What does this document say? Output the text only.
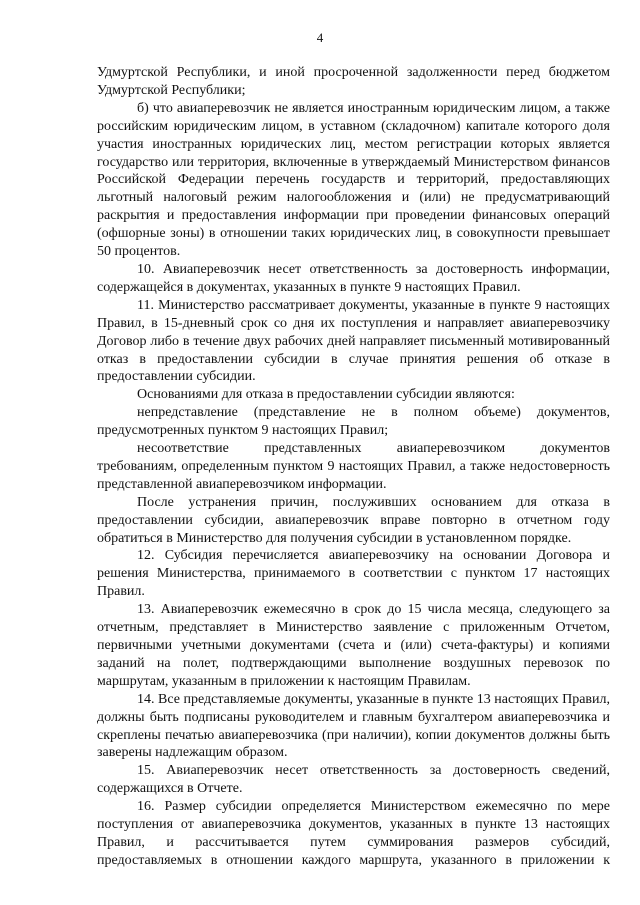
4

Удмуртской Республики, и иной просроченной задолженности перед бюджетом Удмуртской Республики;

б) что авиаперевозчик не является иностранным юридическим лицом, а также российским юридическим лицом, в уставном (складочном) капитале которого доля участия иностранных юридических лиц, местом регистрации которых является государство или территория, включенные в утверждаемый Министерством финансов Российской Федерации перечень государств и территорий, предоставляющих льготный налоговый режим налогообложения и (или) не предусматривающий раскрытия и предоставления информации при проведении финансовых операций (офшорные зоны) в отношении таких юридических лиц, в совокупности превышает 50 процентов.

10. Авиаперевозчик несет ответственность за достоверность информации, содержащейся в документах, указанных в пункте 9 настоящих Правил.

11. Министерство рассматривает документы, указанные в пункте 9 настоящих Правил, в 15-дневный срок со дня их поступления и направляет авиаперевозчику Договор либо в течение двух рабочих дней направляет письменный мотивированный отказ в предоставлении субсидии в случае принятия решения об отказе в предоставлении субсидии.

Основаниями для отказа в предоставлении субсидии являются:

непредставление (представление не в полном объеме) документов, предусмотренных пунктом 9 настоящих Правил;

несоответствие представленных авиаперевозчиком документов

требованиям, определенным пунктом 9 настоящих Правил, а также недостоверность представленной авиаперевозчиком информации.

После устранения причин, послуживших основанием для отказа в предоставлении субсидии, авиаперевозчик вправе повторно в отчетном году обратиться в Министерство для получения субсидии в установленном порядке.

12. Субсидия перечисляется авиаперевозчику на основании Договора и решения Министерства, принимаемого в соответствии с пунктом 17 настоящих Правил.

13. Авиаперевозчик ежемесячно в срок до 15 числа месяца, следующего за отчетным, представляет в Министерство заявление с приложенным Отчетом, первичными учетными документами (счета и (или) счета-фактуры) и копиями заданий на полет, подтверждающими выполнение воздушных перевозок по маршрутам, указанным в приложении к настоящим Правилам.

14. Все представляемые документы, указанные в пункте 13 настоящих Правил, должны быть подписаны руководителем и главным бухгалтером авиаперевозчика и скреплены печатью авиаперевозчика (при наличии), копии документов должны быть заверены надлежащим образом.

15. Авиаперевозчик несет ответственность за достоверность сведений, содержащихся в Отчете.

16. Размер субсидии определяется Министерством ежемесячно по мере поступления от авиаперевозчика документов, указанных в пункте 13 настоящих Правил, и рассчитывается путем суммирования размеров субсидий, предоставляемых в отношении каждого маршрута, указанного в приложении к
